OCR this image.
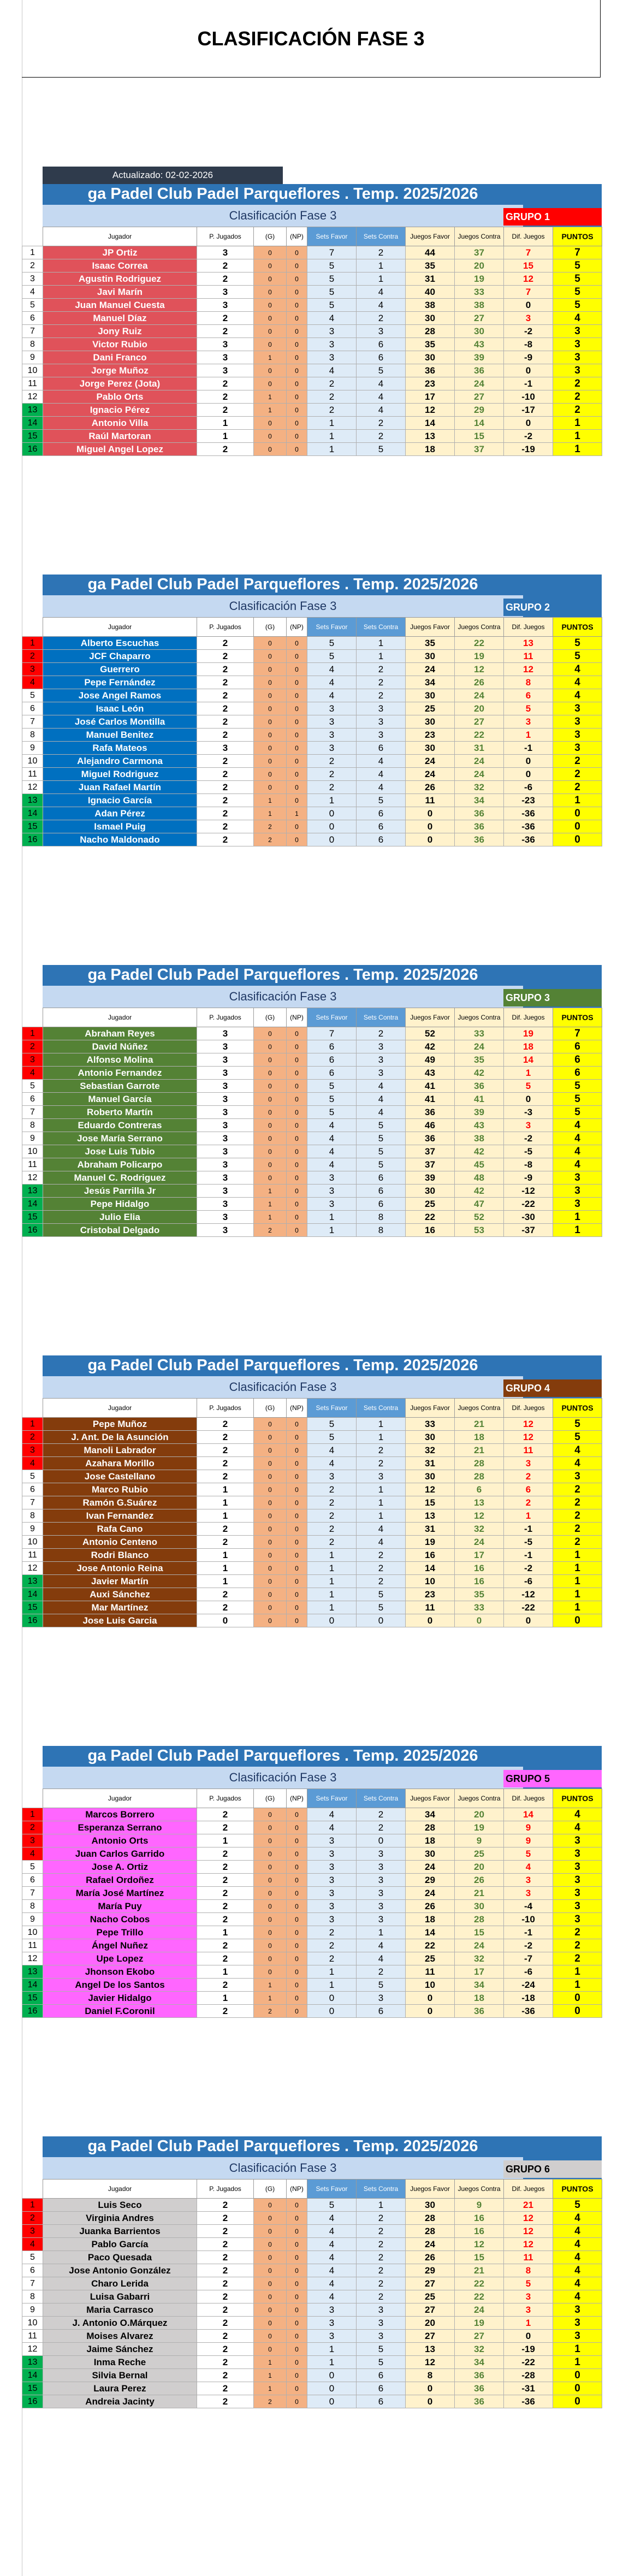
CLASIFICACIÓN FASE 3
Actualizado: 02-02-2026
ga Padel Club Padel Parqueflores . Temp. 2025/2026
Clasificación Fase 3	GRUPO 1
	Jugador	P. Jugados	(G)	(NP)	Sets Favor	Sets Contra	Juegos Favor	Juegos Contra	Dif. Juegos	PUNTOS
1	JP Ortiz	3	0	0	7	2	44	37	7	7
2	Isaac Correa	2	0	0	5	1	35	20	15	5
3	Agustin Rodriguez	2	0	0	5	1	31	19	12	5
4	Javi Marín	3	0	0	5	4	40	33	7	5
5	Juan Manuel Cuesta	3	0	0	5	4	38	38	0	5
6	Manuel Díaz	2	0	0	4	2	30	27	3	4
7	Jony Ruiz	2	0	0	3	3	28	30	-2	3
8	Victor Rubio	3	0	0	3	6	35	43	-8	3
9	Dani Franco	3	1	0	3	6	30	39	-9	3
10	Jorge Muñoz	3	0	0	4	5	36	36	0	3
11	Jorge Perez (Jota)	2	0	0	2	4	23	24	-1	2
12	Pablo Orts	2	1	0	2	4	17	27	-10	2
13	Ignacio Pérez	2	1	0	2	4	12	29	-17	2
14	Antonio Villa	1	0	0	1	2	14	14	0	1
15	Raúl Martoran	1	0	0	1	2	13	15	-2	1
16	Miguel Angel Lopez	2	0	0	1	5	18	37	-19	1
ga Padel Club Padel Parqueflores . Temp. 2025/2026
Clasificación Fase 3	GRUPO 2
	Jugador	P. Jugados	(G)	(NP)	Sets Favor	Sets Contra	Juegos Favor	Juegos Contra	Dif. Juegos	PUNTOS
1	Alberto Escuchas	2	0	0	5	1	35	22	13	5
2	JCF Chaparro	2	0	0	5	1	30	19	11	5
3	Guerrero	2	0	0	4	2	24	12	12	4
4	Pepe Fernández	2	0	0	4	2	34	26	8	4
5	Jose Angel Ramos	2	0	0	4	2	30	24	6	4
6	Isaac León	2	0	0	3	3	25	20	5	3
7	José Carlos Montilla	2	0	0	3	3	30	27	3	3
8	Manuel Benitez	2	0	0	3	3	23	22	1	3
9	Rafa Mateos	3	0	0	3	6	30	31	-1	3
10	Alejandro Carmona	2	0	0	2	4	24	24	0	2
11	Miguel Rodriguez	2	0	0	2	4	24	24	0	2
12	Juan Rafael Martín	2	0	0	2	4	26	32	-6	2
13	Ignacio García	2	1	0	1	5	11	34	-23	1
14	Adan Pérez	2	1	1	0	6	0	36	-36	0
15	Ismael Puig	2	2	0	0	6	0	36	-36	0
16	Nacho Maldonado	2	2	0	0	6	0	36	-36	0
ga Padel Club Padel Parqueflores . Temp. 2025/2026
Clasificación Fase 3	GRUPO 3
	Jugador	P. Jugados	(G)	(NP)	Sets Favor	Sets Contra	Juegos Favor	Juegos Contra	Dif. Juegos	PUNTOS
1	Abraham Reyes	3	0	0	7	2	52	33	19	7
2	David Núñez	3	0	0	6	3	42	24	18	6
3	Alfonso Molina	3	0	0	6	3	49	35	14	6
4	Antonio Fernandez	3	0	0	6	3	43	42	1	6
5	Sebastian Garrote	3	0	0	5	4	41	36	5	5
6	Manuel García	3	0	0	5	4	41	41	0	5
7	Roberto Martín	3	0	0	5	4	36	39	-3	5
8	Eduardo Contreras	3	0	0	4	5	46	43	3	4
9	Jose María Serrano	3	0	0	4	5	36	38	-2	4
10	Jose Luis Tubio	3	0	0	4	5	37	42	-5	4
11	Abraham Policarpo	3	0	0	4	5	37	45	-8	4
12	Manuel C. Rodriguez	3	0	0	3	6	39	48	-9	3
13	Jesús Parrilla Jr	3	1	0	3	6	30	42	-12	3
14	Pepe Hidalgo	3	1	0	3	6	25	47	-22	3
15	Julio Elia	3	1	0	1	8	22	52	-30	1
16	Cristobal Delgado	3	2	0	1	8	16	53	-37	1
ga Padel Club Padel Parqueflores . Temp. 2025/2026
Clasificación Fase 3	GRUPO 4
	Jugador	P. Jugados	(G)	(NP)	Sets Favor	Sets Contra	Juegos Favor	Juegos Contra	Dif. Juegos	PUNTOS
1	Pepe Muñoz	2	0	0	5	1	33	21	12	5
2	J. Ant. De la Asunción	2	0	0	5	1	30	18	12	5
3	Manoli Labrador	2	0	0	4	2	32	21	11	4
4	Azahara Morillo	2	0	0	4	2	31	28	3	4
5	Jose Castellano	2	0	0	3	3	30	28	2	3
6	Marco Rubio	1	0	0	2	1	12	6	6	2
7	Ramón G.Suárez	1	0	0	2	1	15	13	2	2
8	Ivan Fernandez	1	0	0	2	1	13	12	1	2
9	Rafa Cano	2	0	0	2	4	31	32	-1	2
10	Antonio Centeno	2	0	0	2	4	19	24	-5	2
11	Rodri Blanco	1	0	0	1	2	16	17	-1	1
12	Jose Antonio Reina	1	0	0	1	2	14	16	-2	1
13	Javier Martín	1	0	0	1	2	10	16	-6	1
14	Auxi Sánchez	2	0	0	1	5	23	35	-12	1
15	Mar Martínez	2	0	0	1	5	11	33	-22	1
16	Jose Luis Garcia	0	0	0	0	0	0	0	0	0
ga Padel Club Padel Parqueflores . Temp. 2025/2026
Clasificación Fase 3	GRUPO 5
	Jugador	P. Jugados	(G)	(NP)	Sets Favor	Sets Contra	Juegos Favor	Juegos Contra	Dif. Juegos	PUNTOS
1	Marcos Borrero	2	0	0	4	2	34	20	14	4
2	Esperanza Serrano	2	0	0	4	2	28	19	9	4
3	Antonio Orts	1	0	0	3	0	18	9	9	3
4	Juan Carlos Garrido	2	0	0	3	3	30	25	5	3
5	Jose A. Ortiz	2	0	0	3	3	24	20	4	3
6	Rafael Ordoñez	2	0	0	3	3	29	26	3	3
7	María José Martínez	2	0	0	3	3	24	21	3	3
8	María Puy	2	0	0	3	3	26	30	-4	3
9	Nacho Cobos	2	0	0	3	3	18	28	-10	3
10	Pepe Trillo	1	0	0	2	1	14	15	-1	2
11	Ángel Nuñez	2	0	0	2	4	22	24	-2	2
12	Upe Lopez	2	0	0	2	4	25	32	-7	2
13	Jhonson Ekobo	1	0	0	1	2	11	17	-6	1
14	Angel De los Santos	2	1	0	1	5	10	34	-24	1
15	Javier Hidalgo	1	1	0	0	3	0	18	-18	0
16	Daniel F.Coronil	2	2	0	0	6	0	36	-36	0
ga Padel Club Padel Parqueflores . Temp. 2025/2026
Clasificación Fase 3	GRUPO 6
	Jugador	P. Jugados	(G)	(NP)	Sets Favor	Sets Contra	Juegos Favor	Juegos Contra	Dif. Juegos	PUNTOS
1	Luis Seco	2	0	0	5	1	30	9	21	5
2	Virginia Andres	2	0	0	4	2	28	16	12	4
3	Juanka Barrientos	2	0	0	4	2	28	16	12	4
4	Pablo García	2	0	0	4	2	24	12	12	4
5	Paco Quesada	2	0	0	4	2	26	15	11	4
6	Jose Antonio González	2	0	0	4	2	29	21	8	4
7	Charo Lerida	2	0	0	4	2	27	22	5	4
8	Luisa Gabarri	2	0	0	4	2	25	22	3	4
9	Maria Carrasco	2	0	0	3	3	27	24	3	3
10	J. Antonio O.Márquez	2	0	0	3	3	20	19	1	3
11	Moises Alvarez	2	0	0	3	3	27	27	0	3
12	Jaime Sánchez	2	0	0	1	5	13	32	-19	1
13	Inma Reche	2	1	0	1	5	12	34	-22	1
14	Silvia Bernal	2	1	0	0	6	8	36	-28	0
15	Laura Perez	2	1	0	0	6	0	36	-31	0
16	Andreia Jacinty	2	2	0	0	6	0	36	-36	0
